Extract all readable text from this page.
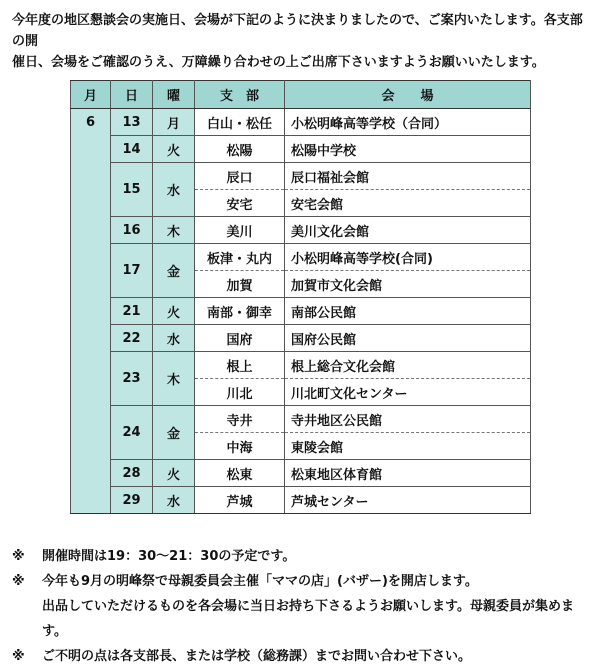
今年度の地区懇談会の実施日、会場が下記のように決まりましたので、ご案内いたします。各支部の開
催日、会場をご確認のうえ、万障繰り合わせの上ご出席下さいますようお願いいたします。
月	日	曜	支　部	会　　場
6	13	月	白山・松任	小松明峰高等学校（合同）
	14	火	松陽	松陽中学校
	15	水	辰口	辰口福祉会館
			安宅	安宅会館
	16	木	美川	美川文化会館
	17	金	板津・丸内	小松明峰高等学校(合同)
			加賀	加賀市文化会館
	21	火	南部・御幸	南部公民館
	22	水	国府	国府公民館
	23	木	根上	根上総合文化会館
			川北	川北町文化センター
	24	金	寺井	寺井地区公民館
			中海	東陵会館
	28	火	松東	松東地区体育館
	29	水	芦城	芦城センター
※	開催時間は19：30～21：30の予定です。
※	今年も9月の明峰祭で母親委員会主催「ママの店」(バザー)を開店します。
出品していただけるものを各会場に当日お持ち下さるようお願いします。母親委員が集めます。
※	ご不明の点は各支部長、または学校（総務課）までお問い合わせ下さい。
